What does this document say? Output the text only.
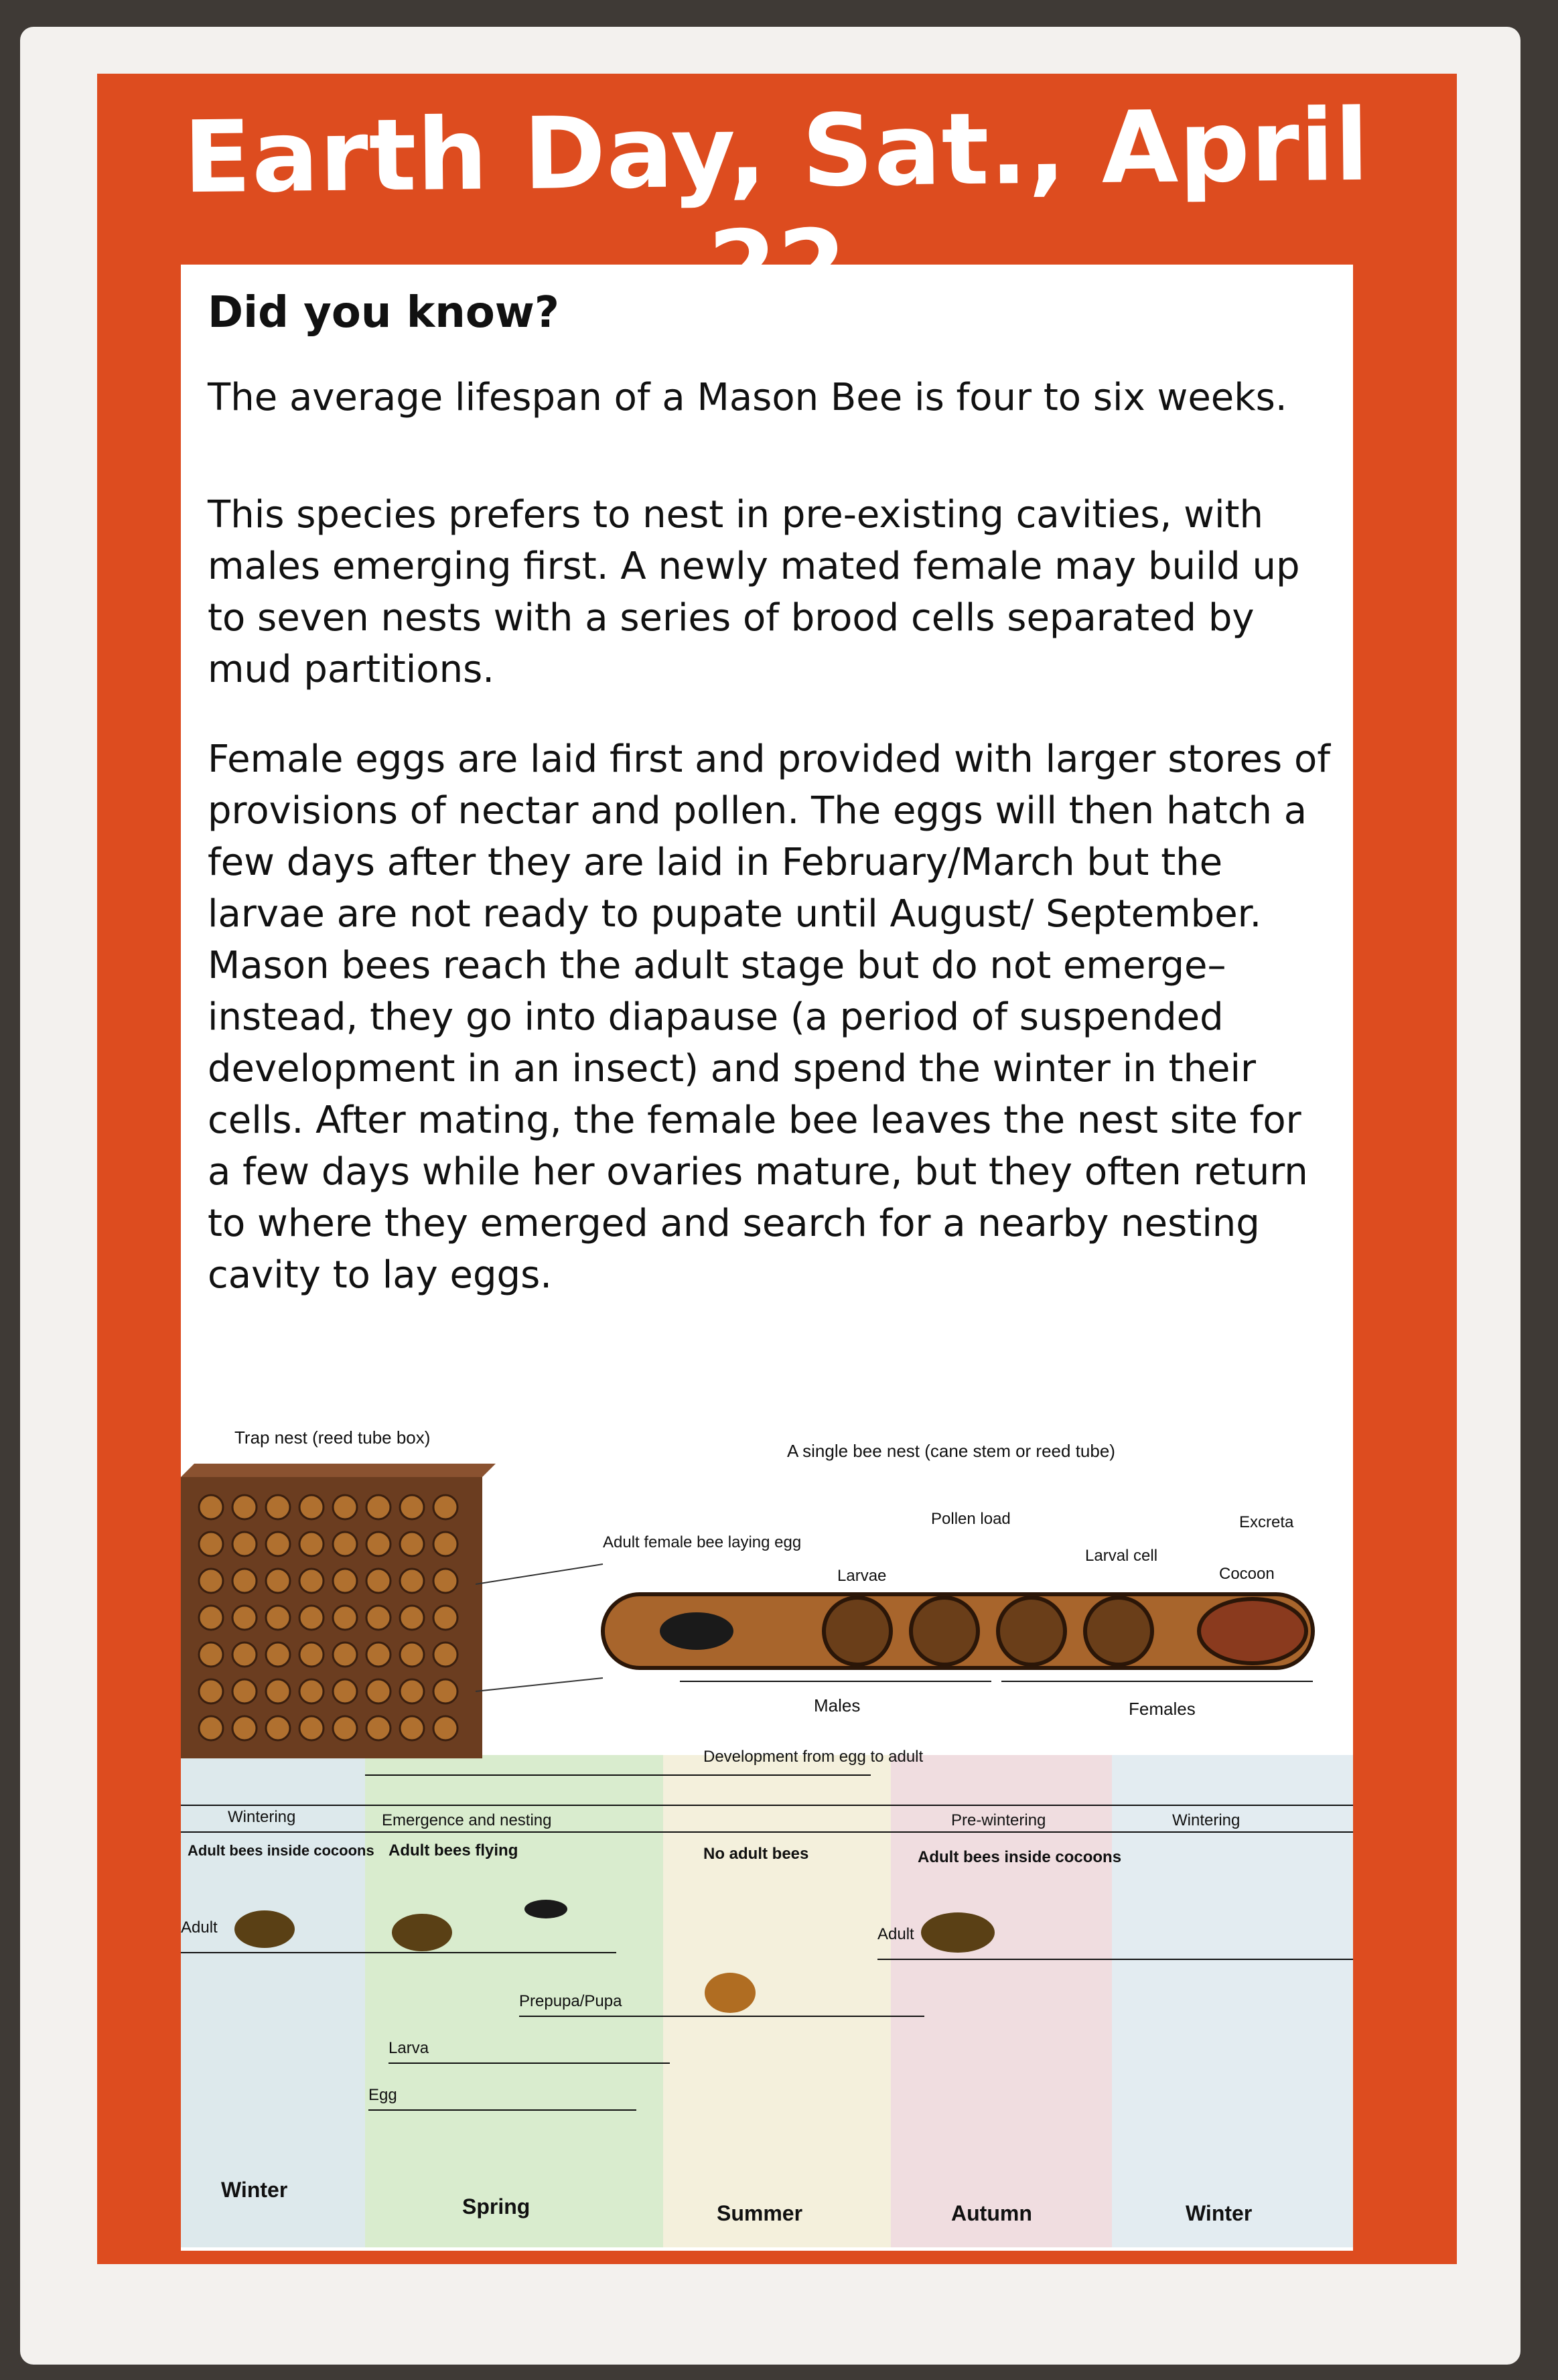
Earth Day, Sat., April
Did you know?
The average lifespan of a Mason Bee is four to six weeks.
This species prefers to nest in pre-existing cavities, with males emerging first. A newly mated female may build up to seven nests with a series of brood cells separated by mud partitions.
Female eggs are laid first and provided with larger stores of provisions of nectar and pollen. The eggs will then hatch a few days after they are laid in February/March but the larvae are not ready to pupate until August/ September. Mason bees reach the adult stage but do not emerge–instead, they go into diapause (a period of suspended development in an insect) and spend the winter in their cells. After mating, the female bee leaves the nest site for a few days while her ovaries mature, but they often return to where they emerged and search for a nearby nesting cavity to lay eggs.
Trap nest (reed tube box)
A single bee nest (cane stem or reed tube)
Adult female bee laying egg
Larvae
Pollen load
Larval cell
Excreta
Cocoon
Males	Females
Development from egg to adult
Wintering	Emergence and nesting	Pre-wintering	Wintering
Adult bees inside cocoons Adult bees flying	No adult bees	Adult bees inside cocoons
Adult
Prepupa/Pupa
Larva
Egg
Adult
Winter
Spring	Summer	Autumn	Winter
